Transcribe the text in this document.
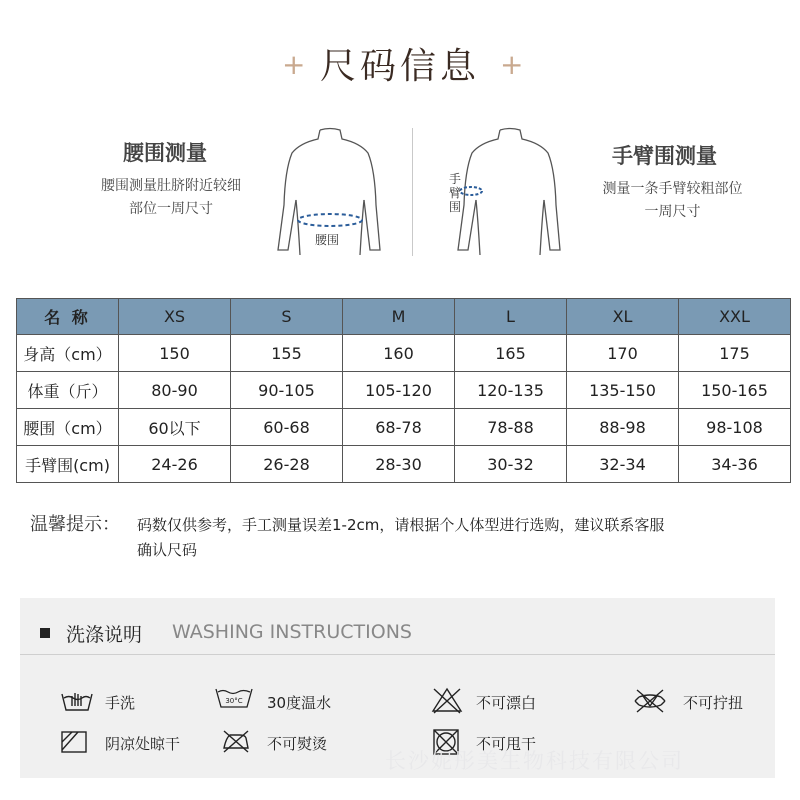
尺码信息
+	+
腰围测量
腰围测量肚脐附近较细
部位一周尺寸
腰围
手臂围
手臂围测量
测量一条手臂较粗部位
一周尺寸
名 称	XS	S	M	L	XL	XXL
身高（cm）	150	155	160	165	170	175
体重（斤）	80-90	90-105	105-120	120-135	135-150	150-165
腰围（cm）	60以下	60-68	68-78	78-88	88-98	98-108
手臂围(cm)	24-26	26-28	28-30	30-32	32-34	34-36
温馨提示： 码数仅供参考，手工测量误差1-2cm，请根据个人体型进行选购，建议联系客服
确认尺码
洗涤说明 WASHING INSTRUCTIONS
手洗	30°C 30度温水	不可漂白	不可拧扭
阴凉处晾干	不可熨烫	不可甩干
长沙妮彤美生物科技有限公司
